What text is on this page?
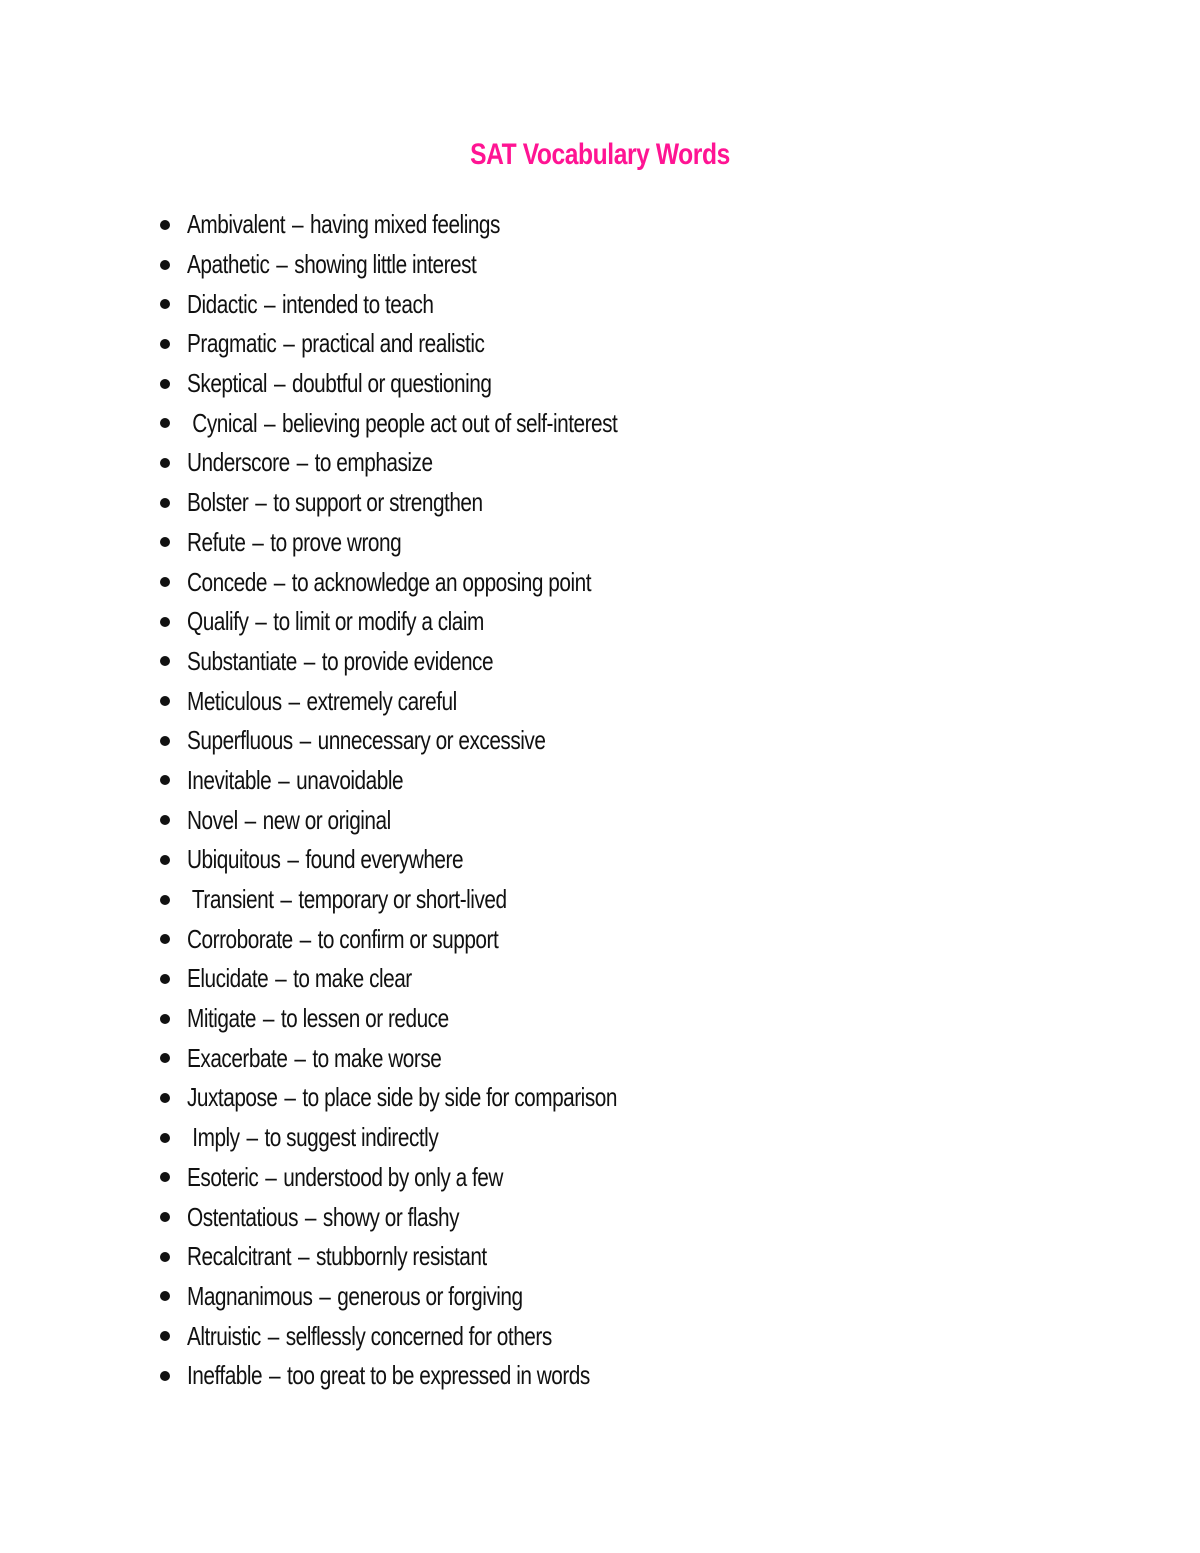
SAT Vocabulary Words
Ambivalent – having mixed feelings
Apathetic – showing little interest
Didactic – intended to teach
Pragmatic – practical and realistic
Skeptical – doubtful or questioning
Cynical – believing people act out of self-interest
Underscore – to emphasize
Bolster – to support or strengthen
Refute – to prove wrong
Concede – to acknowledge an opposing point
Qualify – to limit or modify a claim
Substantiate – to provide evidence
Meticulous – extremely careful
Superfluous – unnecessary or excessive
Inevitable – unavoidable
Novel – new or original
Ubiquitous – found everywhere
Transient – temporary or short-lived
Corroborate – to confirm or support
Elucidate – to make clear
Mitigate – to lessen or reduce
Exacerbate – to make worse
Juxtapose – to place side by side for comparison
Imply – to suggest indirectly
Esoteric – understood by only a few
Ostentatious – showy or flashy
Recalcitrant – stubbornly resistant
Magnanimous – generous or forgiving
Altruistic – selflessly concerned for others
Ineffable – too great to be expressed in words
